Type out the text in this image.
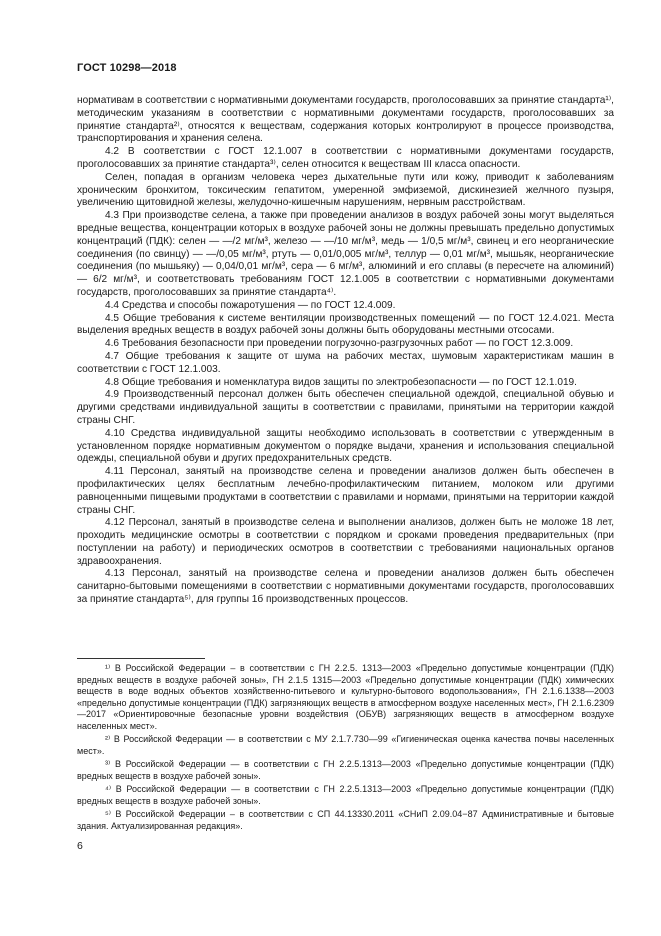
ГОСТ 10298—2018

нормативам в соответствии с нормативными документами государств, проголосовавших за принятие стандарта¹⁾, методическим указаниям в соответствии с нормативными документами государств, проголосовавших за принятие стандарта²⁾, относятся к веществам, содержания которых контролируют в процессе производства, транспортирования и хранения селена.

4.2 В соответствии с ГОСТ 12.1.007 в соответствии с нормативными документами государств, проголосовавших за принятие стандарта³⁾, селен относится к веществам III класса опасности.

Селен, попадая в организм человека через дыхательные пути или кожу, приводит к заболеваниям хроническим бронхитом, токсическим гепатитом, умеренной эмфиземой, дискинезией желчного пузыря, увеличению щитовидной железы, желудочно-кишечным нарушениям, нервным расстройствам.

4.3 При производстве селена, а также при проведении анализов в воздух рабочей зоны могут выделяться вредные вещества, концентрации которых в воздухе рабочей зоны не должны превышать предельно допустимых концентраций (ПДК): селен — —/2 мг/м³, железо — —/10 мг/м³, медь — 1/0,5 мг/м³, свинец и его неорганические соединения (по свинцу) — —/0,05 мг/м³, ртуть — 0,01/0,005 мг/м³, теллур — 0,01 мг/м³, мышьяк, неорганические соединения (по мышьяку) — 0,04/0,01 мг/м³, сера — 6 мг/м³, алюминий и его сплавы (в пересчете на алюминий) — 6/2 мг/м³, и соответствовать требованиям ГОСТ 12.1.005 в соответствии с нормативными документами государств, проголосовавших за принятие стандарта⁴⁾.

4.4 Средства и способы пожаротушения — по ГОСТ 12.4.009.

4.5 Общие требования к системе вентиляции производственных помещений — по ГОСТ 12.4.021. Места выделения вредных веществ в воздух рабочей зоны должны быть оборудованы местными отсосами.

4.6 Требования безопасности при проведении погрузочно-разгрузочных работ — по ГОСТ 12.3.009.

4.7 Общие требования к защите от шума на рабочих местах, шумовым характеристикам машин в соответствии с ГОСТ 12.1.003.

4.8 Общие требования и номенклатура видов защиты по электробезопасности — по ГОСТ 12.1.019.

4.9 Производственный персонал должен быть обеспечен специальной одеждой, специальной обувью и другими средствами индивидуальной защиты в соответствии с правилами, принятыми на территории каждой страны СНГ.

4.10 Средства индивидуальной защиты необходимо использовать в соответствии с утвержденным в установленном порядке нормативным документом о порядке выдачи, хранения и использования специальной одежды, специальной обуви и других предохранительных средств.

4.11 Персонал, занятый на производстве селена и проведении анализов должен быть обеспечен в профилактических целях бесплатным лечебно-профилактическим питанием, молоком или другими равноценными пищевыми продуктами в соответствии с правилами и нормами, принятыми на территории каждой страны СНГ.

4.12 Персонал, занятый в производстве селена и выполнении анализов, должен быть не моложе 18 лет, проходить медицинские осмотры в соответствии с порядком и сроками проведения предварительных (при поступлении на работу) и периодических осмотров в соответствии с требованиями национальных органов здравоохранения.

4.13 Персонал, занятый на производстве селена и проведении анализов должен быть обеспечен санитарно-бытовыми помещениями в соответствии с нормативными документами государств, проголосовавших за принятие стандарта⁵⁾, для группы 1б производственных процессов.

¹⁾ В Российской Федерации – в соответствии с ГН 2.2.5. 1313—2003 «Предельно допустимые концентрации (ПДК) вредных веществ в воздухе рабочей зоны», ГН 2.1.5 1315—2003 «Предельно допустимые концентрации (ПДК) химических веществ в воде водных объектов хозяйственно-питьевого и культурно-бытового водопользования», ГН 2.1.6.1338—2003 «предельно допустимые концентрации (ПДК) загрязняющих веществ в атмосферном воздухе населенных мест», ГН 2.1.6.2309—2017 «Ориентировочные безопасные уровни воздействия (ОБУВ) загрязняющих веществ в атмосферном воздухе населенных мест».

²⁾ В Российской Федерации — в соответствии с МУ 2.1.7.730—99 «Гигиеническая оценка качества почвы населенных мест».

³⁾ В Российской Федерации — в соответствии с ГН 2.2.5.1313—2003 «Предельно допустимые концентрации (ПДК) вредных веществ в воздухе рабочей зоны».

⁴⁾ В Российской Федерации — в соответствии с ГН 2.2.5.1313—2003 «Предельно допустимые концентрации (ПДК) вредных веществ в воздухе рабочей зоны».

⁵⁾ В Российской Федерации – в соответствии с СП 44.13330.2011 «СНиП 2.09.04−87 Административные и бытовые здания. Актуализированная редакция».

6
